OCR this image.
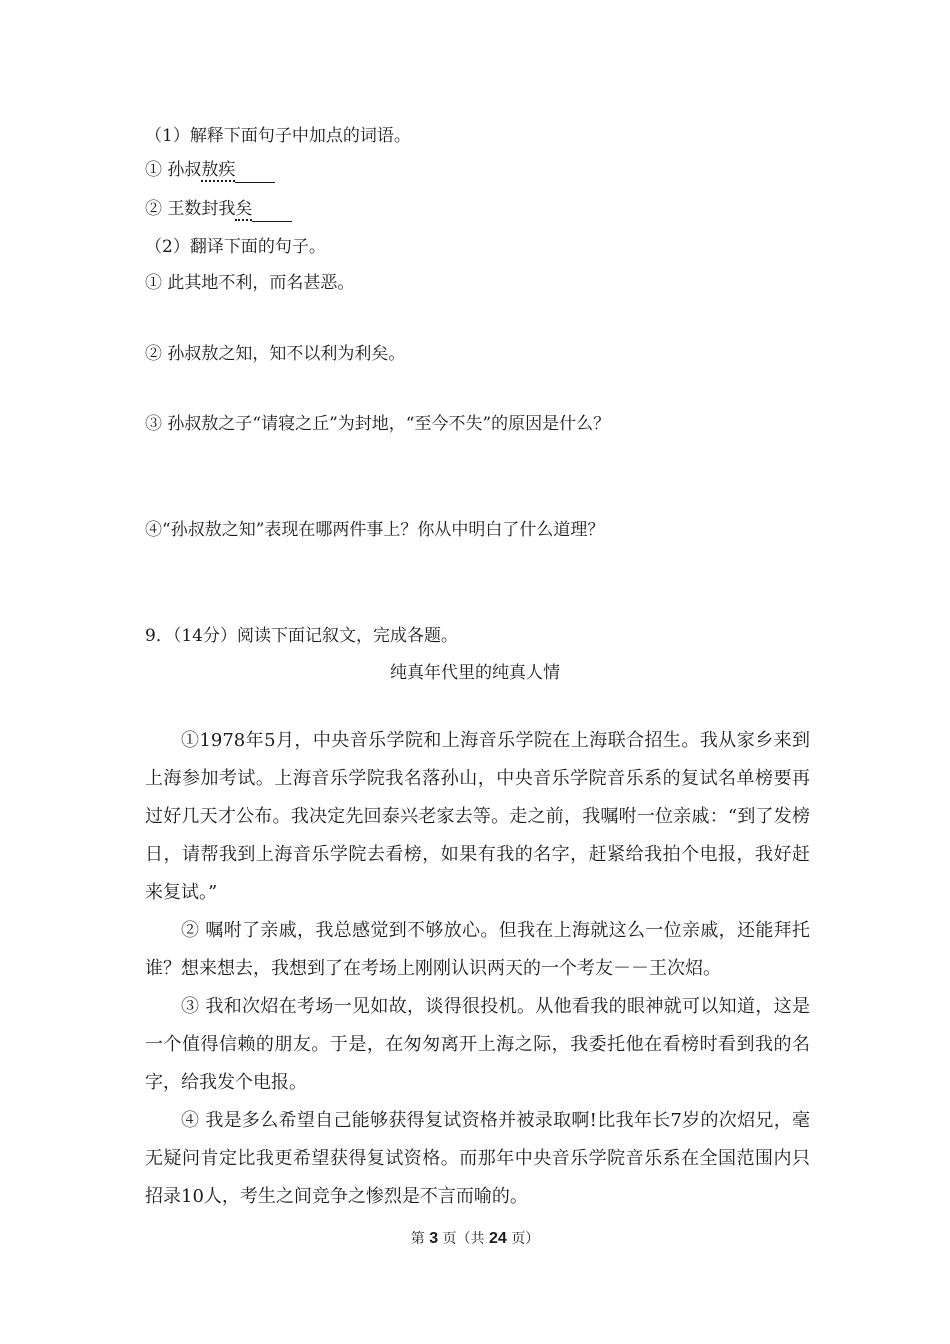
（1）解释下面句子中加点的词语。
① 孙叔敖疾
② 王数封我矣
（2）翻译下面的句子。
① 此其地不利，而名甚恶。
② 孙叔敖之知，知不以利为利矣。
③ 孙叔敖之子“请寝之丘”为封地，“至今不失”的原因是什么？
④“孙叔敖之知”表现在哪两件事上？你从中明白了什么道理？
9．（14分）阅读下面记叙文，完成各题。
纯真年代里的纯真人情

①1978年5月，中央音乐学院和上海音乐学院在上海联合招生。我从家乡来到上海参加考试。上海音乐学院我名落孙山，中央音乐学院音乐系的复试名单榜要再过好几天才公布。我决定先回泰兴老家去等。走之前，我嘱咐一位亲戚：“到了发榜日，请帮我到上海音乐学院去看榜，如果有我的名字，赶紧给我拍个电报，我好赶来复试。”

② 嘱咐了亲戚，我总感觉到不够放心。但我在上海就这么一位亲戚，还能拜托谁？想来想去，我想到了在考场上刚刚认识两天的一个考友－－王次炤。

③ 我和次炤在考场一见如故，谈得很投机。从他看我的眼神就可以知道，这是一个值得信赖的朋友。于是，在匆匆离开上海之际，我委托他在看榜时看到我的名字，给我发个电报。

④ 我是多么希望自己能够获得复试资格并被录取啊!比我年长7岁的次炤兄，毫无疑问肯定比我更希望获得复试资格。而那年中央音乐学院音乐系在全国范围内只招录10人，考生之间竞争之惨烈是不言而喻的。

第 3 页（共 24 页）
